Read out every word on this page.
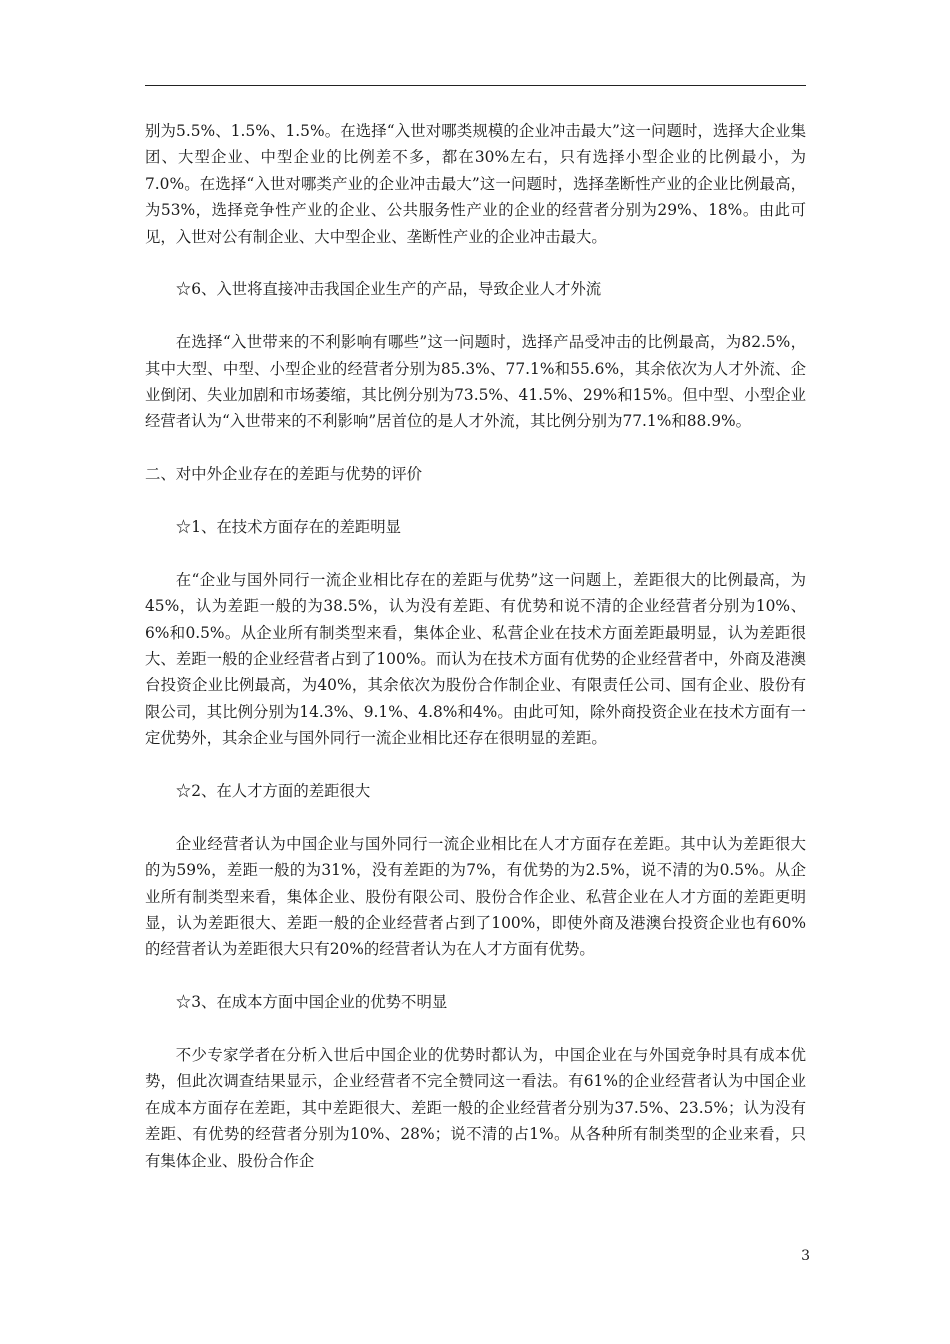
别为5.5%、1.5%、1.5%。在选择“入世对哪类规模的企业冲击最大”这一问题时，选择大企业集团、大型企业、中型企业的比例差不多，都在30%左右，只有选择小型企业的比例最小，为7.0%。在选择“入世对哪类产业的企业冲击最大”这一问题时，选择垄断性产业的企业比例最高，为53%，选择竞争性产业的企业、公共服务性产业的企业的经营者分别为29%、18%。由此可见，入世对公有制企业、大中型企业、垄断性产业的企业冲击最大。

☆6、入世将直接冲击我国企业生产的产品，导致企业人才外流

在选择“入世带来的不利影响有哪些”这一问题时，选择产品受冲击的比例最高，为82.5%，其中大型、中型、小型企业的经营者分别为85.3%、77.1%和55.6%，其余依次为人才外流、企业倒闭、失业加剧和市场萎缩，其比例分别为73.5%、41.5%、29%和15%。但中型、小型企业经营者认为“入世带来的不利影响”居首位的是人才外流，其比例分别为77.1%和88.9%。

二、对中外企业存在的差距与优势的评价

☆1、在技术方面存在的差距明显

在“企业与国外同行一流企业相比存在的差距与优势”这一问题上，差距很大的比例最高，为45%，认为差距一般的为38.5%，认为没有差距、有优势和说不清的企业经营者分别为10%、6%和0.5%。从企业所有制类型来看，集体企业、私营企业在技术方面差距最明显，认为差距很大、差距一般的企业经营者占到了100%。而认为在技术方面有优势的企业经营者中，外商及港澳台投资企业比例最高，为40%，其余依次为股份合作制企业、有限责任公司、国有企业、股份有限公司，其比例分别为14.3%、9.1%、4.8%和4%。由此可知，除外商投资企业在技术方面有一定优势外，其余企业与国外同行一流企业相比还存在很明显的差距。

☆2、在人才方面的差距很大

企业经营者认为中国企业与国外同行一流企业相比在人才方面存在差距。其中认为差距很大的为59%，差距一般的为31%，没有差距的为7%，有优势的为2.5%，说不清的为0.5%。从企业所有制类型来看，集体企业、股份有限公司、股份合作企业、私营企业在人才方面的差距更明显，认为差距很大、差距一般的企业经营者占到了100%，即使外商及港澳台投资企业也有60%的经营者认为差距很大只有20%的经营者认为在人才方面有优势。

☆3、在成本方面中国企业的优势不明显

不少专家学者在分析入世后中国企业的优势时都认为，中国企业在与外国竞争时具有成本优势，但此次调查结果显示，企业经营者不完全赞同这一看法。有61%的企业经营者认为中国企业在成本方面存在差距，其中差距很大、差距一般的企业经营者分别为37.5%、23.5%；认为没有差距、有优势的经营者分别为10%、28%；说不清的占1%。从各种所有制类型的企业来看，只有集体企业、股份合作企

3
